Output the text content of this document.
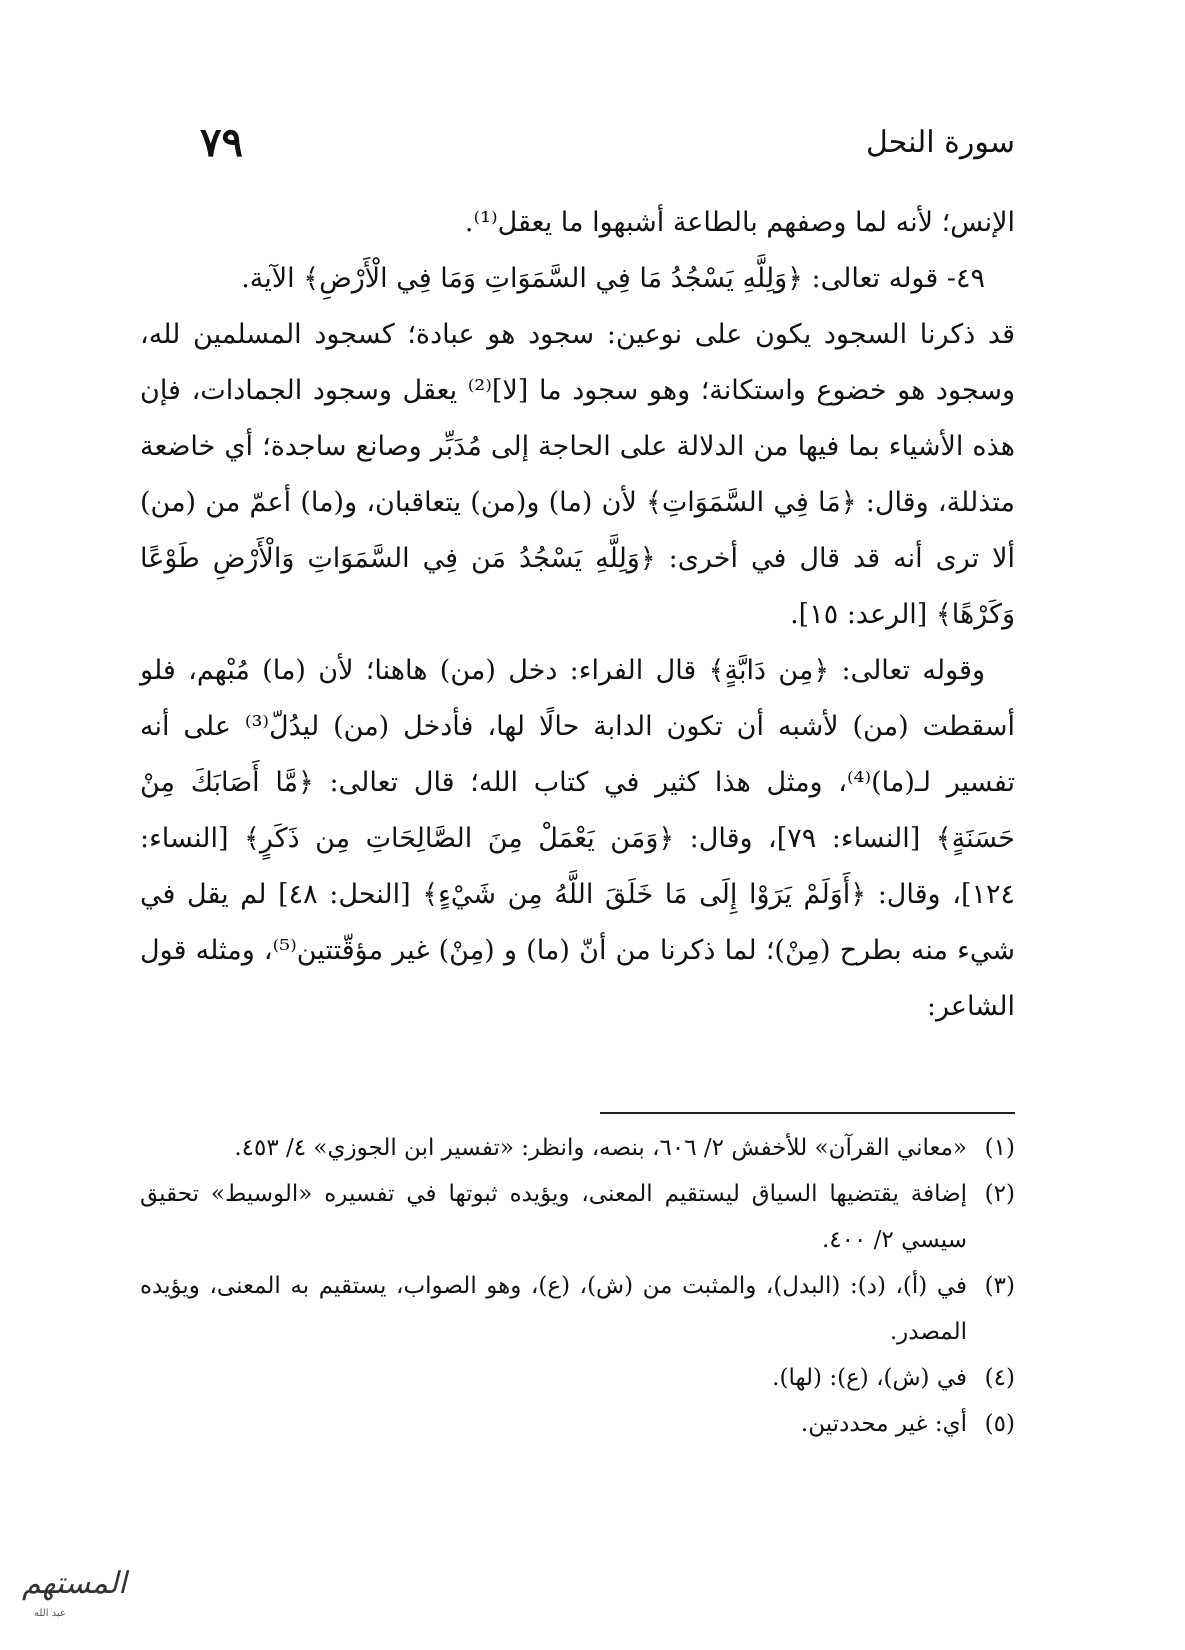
سورة النحل
٧٩

الإنس؛ لأنه لما وصفهم بالطاعة أشبهوا ما يعقل⁽¹⁾.

٤٩- قوله تعالى: ﴿وَلِلَّهِ يَسْجُدُ مَا فِي السَّمَوَاتِ وَمَا فِي الْأَرْضِ﴾ الآية.

قد ذكرنا السجود يكون على نوعين: سجود هو عبادة؛ كسجود المسلمين لله، وسجود هو خضوع واستكانة؛ وهو سجود ما [لا]⁽²⁾ يعقل وسجود الجمادات، فإن هذه الأشياء بما فيها من الدلالة على الحاجة إلى مُدَبِّر وصانع ساجدة؛ أي خاضعة متذللة، وقال: ﴿مَا فِي السَّمَوَاتِ﴾ لأن (ما) و(من) يتعاقبان، و(ما) أعمّ من (من) ألا ترى أنه قد قال في أخرى: ﴿وَلِلَّهِ يَسْجُدُ مَن فِي السَّمَوَاتِ وَالْأَرْضِ طَوْعًا وَكَرْهًا﴾ [الرعد: ١٥].

وقوله تعالى: ﴿مِن دَابَّةٍ﴾ قال الفراء: دخل (من) هاهنا؛ لأن (ما) مُبْهم، فلو أسقطت (من) لأشبه أن تكون الدابة حالًا لها، فأدخل (من) ليدُلّ⁽³⁾ على أنه تفسير لـ(ما)⁽⁴⁾، ومثل هذا كثير في كتاب الله؛ قال تعالى: ﴿مَّا أَصَابَكَ مِنْ حَسَنَةٍ﴾ [النساء: ٧٩]، وقال: ﴿وَمَن يَعْمَلْ مِنَ الصَّالِحَاتِ مِن ذَكَرٍ﴾ [النساء: ١٢٤]، وقال: ﴿أَوَلَمْ يَرَوْا إِلَى مَا خَلَقَ اللَّهُ مِن شَيْءٍ﴾ [النحل: ٤٨] لم يقل في شيء منه بطرح (مِنْ)؛ لما ذكرنا من أنّ (ما) و (مِنْ) غير مؤقّتتين⁽⁵⁾، ومثله قول الشاعر:

(١)
«معاني القرآن» للأخفش ٢/ ٦٠٦، بنصه، وانظر: «تفسير ابن الجوزي» ٤/ ٤٥٣.
(٢)
إضافة يقتضيها السياق ليستقيم المعنى، ويؤيده ثبوتها في تفسيره «الوسيط» تحقيق سيسي ٢/ ٤٠٠.
(٣)
في (أ)، (د): (البدل)، والمثبت من (ش)، (ع)، وهو الصواب، يستقيم به المعنى، ويؤيده المصدر.
(٤)
في (ش)، (ع): (لها).
(٥)
أي: غير محددتين.
المستهم
عبد الله
